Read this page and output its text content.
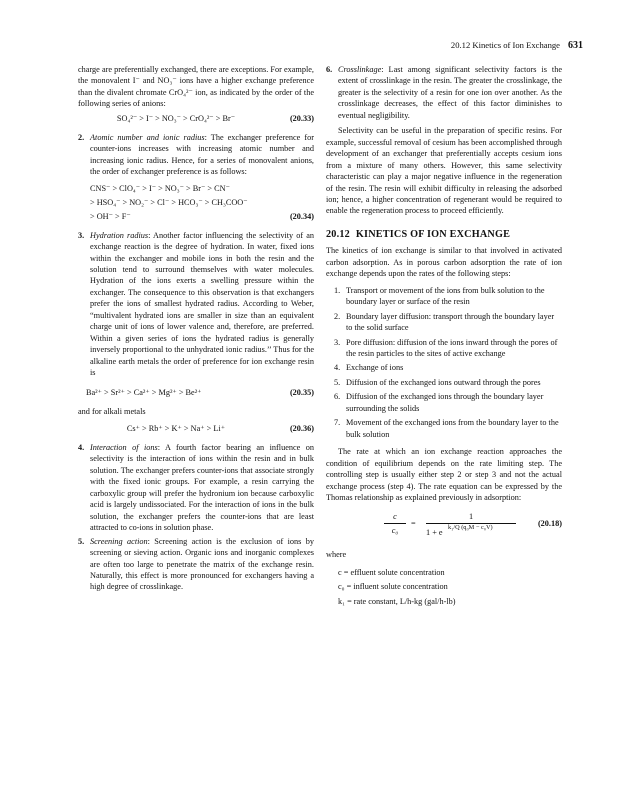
20.12 Kinetics of Ion Exchange 631

charge are preferentially exchanged, there are exceptions. For example, the monovalent I⁻ and NO₃⁻ ions have a higher exchange preference than the divalent chromate CrO₄²⁻ ion, as indicated by the order of the following series of anions:

SO₄²⁻ > I⁻ > NO₃⁻ > CrO₄²⁻ > Br⁻	(20.33)
2. Atomic number and ionic radius: The exchanger preference for counter-ions increases with increasing atomic number and increasing ionic radius. Hence, for a series of monovalent anions, the order of exchanger preference is as follows:
CNS⁻ > ClO₄⁻ > I⁻ > NO₃⁻ > Br⁻ > CN⁻
> HSO₄⁻ > NO₂⁻ > Cl⁻ > HCO₃⁻ > CH₃COO⁻
> OH⁻ > F⁻	(20.34)
3. Hydration radius: Another factor influencing the selectivity of an exchange reaction is the degree of hydration. In water, fixed ions within the exchanger and mobile ions in both the resin and the solution tend to surround themselves with water molecules. Hydration of the ions exerts a swelling pressure within the exchanger. The consequence to this observation is that exchangers prefer the ions of smallest hydrated radius. According to Weber, “multivalent hydrated ions are smaller in size than an equivalent charge unit of ions of lower valence and, therefore, are preferred. Within a given series of ions the hydrated radius is generally inversely proportional to the unhydrated ionic radius.’’ Thus for the alkaline earth metals the order of preference for ion exchange resin is
Ba²⁺ > Sr²⁺ > Ca²⁺ > Mg²⁺ > Be²⁺	(20.35)

and for alkali metals

Cs⁺ > Rb⁺ > K⁺ > Na⁺ > Li⁺	(20.36)
4. Interaction of ions: A fourth factor bearing an influence on selectivity is the interaction of ions within the resin and in bulk solution. The exchanger prefers counter-ions that associate strongly with the fixed ionic groups. For example, a resin carrying the carboxylic group will prefer the hydronium ion because carboxylic acid is largely undissociated. For the interaction of ions in the bulk solution, the exchanger prefers the counter-ions that are least attracted to co-ions in solution phase.
5. Screening action: Screening action is the exclusion of ions by screening or sieving action. Organic ions and inorganic complexes are often too large to penetrate the matrix of the exchange resin. Naturally, this effect is more pronounced for exchangers having a high degree of crosslinkage.
6. Crosslinkage: Last among significant selectivity factors is the extent of crosslinkage in the resin. The greater the crosslinkage, the greater is the selectivity of a resin for one ion over another. As the crosslinkage decreases, the effect of this factor diminishes to eventual negligibility.

Selectivity can be useful in the preparation of specific resins. For example, successful removal of cesium has been accomplished through development of an exchanger that preferentially accepts cesium ions from a mixture of many others. However, this same selectivity characteristic can play a major negative influence in the regeneration of the resin. The resin will exhibit difficulty in releasing the adsorbed ion; hence, a higher concentration of regenerant would be required to enable the regeneration process to proceed efficiently.

20.12 KINETICS OF ION EXCHANGE

The kinetics of ion exchange is similar to that involved in activated carbon adsorption. As in porous carbon adsorption the rate of ion exchange depends upon the rates of the following steps:

1. Transport or movement of the ions from bulk solution to the boundary layer or surface of the resin
2. Boundary layer diffusion: transport through the boundary layer to the solid surface
3. Pore diffusion: diffusion of the ions inward through the pores of the resin particles to the sites of active exchange
4. Exchange of ions
5. Diffusion of the exchanged ions outward through the pores
6. Diffusion of the exchanged ions through the boundary layer surrounding the solids
7. Movement of the exchanged ions from the boundary layer to the bulk solution

The rate at which an ion exchange reaction approaches the condition of equilibrium depends on the rate limiting step. The controlling step is usually either step 2 or step 3 and not the actual exchange process (step 4). The rate equation can be expressed by the Thomas relationship as explained previously in adsorption:

c
c₀
=
1
1 + e
k₁/Q (q₀M − c₀V)	(20.18)

where

c = effluent solute concentration
c₀ = influent solute concentration
k₁ = rate constant, L/h-kg (gal/h-lb)
